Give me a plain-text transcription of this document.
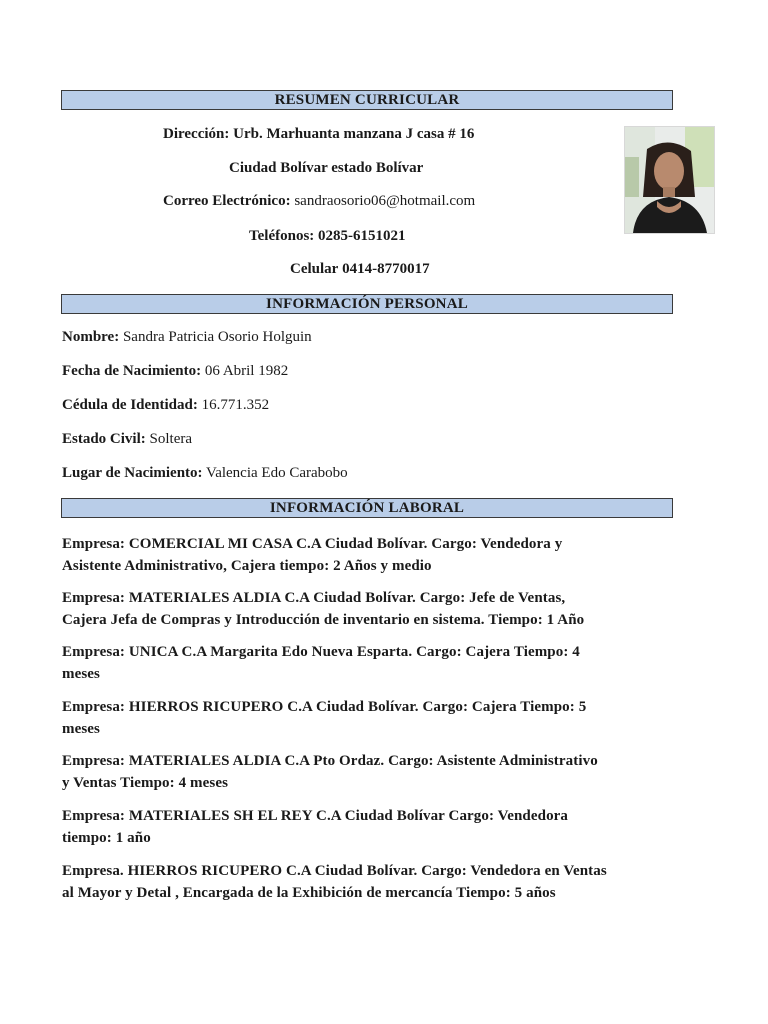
RESUMEN CURRICULAR
Dirección: Urb. Marhuanta manzana J casa # 16
Ciudad Bolívar estado Bolívar
Correo Electrónico: sandraosorio06@hotmail.com
Teléfonos: 0285-6151021
Celular 0414-8770017
INFORMACIÓN PERSONAL
Nombre: Sandra Patricia Osorio Holguin
Fecha de Nacimiento: 06 Abril 1982
Cédula de Identidad: 16.771.352
Estado Civil: Soltera
Lugar de Nacimiento: Valencia Edo Carabobo
INFORMACIÓN LABORAL
Empresa: COMERCIAL MI CASA C.A Ciudad Bolívar. Cargo: Vendedora y
Asistente Administrativo, Cajera tiempo: 2 Años y medio
Empresa: MATERIALES ALDIA C.A Ciudad Bolívar. Cargo: Jefe de Ventas,
Cajera Jefa de Compras y Introducción de inventario en sistema. Tiempo: 1 Año
Empresa: UNICA C.A Margarita Edo Nueva Esparta. Cargo: Cajera Tiempo: 4
meses
Empresa: HIERROS RICUPERO C.A Ciudad Bolívar. Cargo: Cajera Tiempo: 5
meses
Empresa: MATERIALES ALDIA C.A Pto Ordaz. Cargo: Asistente Administrativo
y Ventas Tiempo: 4 meses
Empresa: MATERIALES SH EL REY C.A Ciudad Bolívar Cargo: Vendedora
tiempo: 1 año
Empresa. HIERROS RICUPERO C.A Ciudad Bolívar. Cargo: Vendedora en Ventas
al Mayor y Detal , Encargada de la Exhibición de mercancía Tiempo: 5 años
